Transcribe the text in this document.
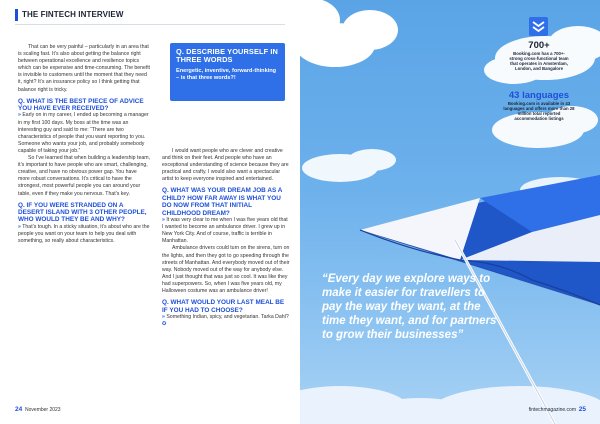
THE FINTECH INTERVIEW

That can be very painful – particularly in an area that is scaling fast. It’s also about getting the balance right between operational excellence and resilience topics which can be expensive and time-consuming. The benefit is invisible to customers until the moment that they need it, right? It’s an insurance policy so I think getting that balance right is tricky.

Q. WHAT IS THE BEST PIECE OF ADVICE YOU HAVE EVER RECEIVED?

» Early on in my career, I ended up becoming a manager in my first 100 days. My boss at the time was an interesting guy and said to me: “There are two characteristics of people that you want reporting to you. Someone who wants your job, and probably somebody capable of taking your job.”

So I’ve learned that when building a leadership team, it’s important to have people who are smart, challenging, creative, and have no obvious power gap. You have more robust conversations. It’s critical to have the strongest, most powerful people you can around your table, even if they make you nervous. That’s key.

Q. IF YOU WERE STRANDED ON A DESERT ISLAND WITH 3 OTHER PEOPLE, WHO WOULD THEY BE AND WHY?

» That’s tough. In a sticky situation, it’s about who are the people you want on your team to help you deal with something, so really about characteristics.

Q. DESCRIBE YOURSELF IN THREE WORDS
Energetic, inventive, forward-thinking – is that three words?!

I would want people who are clever and creative and think on their feet. And people who have an exceptional understanding of science because they are practical and crafty. I would also want a spectacular artist to keep everyone inspired and entertained.

Q. WHAT WAS YOUR DREAM JOB AS A CHILD? HOW FAR AWAY IS WHAT YOU DO NOW FROM THAT INITIAL CHILDHOOD DREAM?

» It was very clear to me when I was five years old that I wanted to become an ambulance driver. I grew up in New York City. And of course, traffic is terrible in Manhattan.

Ambulance drivers could turn on the sirens, turn on the lights, and then they got to go speeding through the streets of Manhattan. And everybody moved out of their way. Nobody moved out of the way for anybody else. And I just thought that was just so cool. It was like they had superpowers. So, when I was five years old, my Halloween costume was an ambulance driver!

Q. WHAT WOULD YOUR LAST MEAL BE IF YOU HAD TO CHOOSE?

» Something Indian, spicy, and vegetarian. Tarka Dahl? ✪

24 November 2023
700+
Booking.com has a 700+-strong cross-functional team that operates in Amsterdam, London, and Bangalore
43 languages
Booking.com is available in 43 languages and offers more than 28 million total reported accommodation listings
“Every day we explore ways to make it easier for travellers to pay the way they want, at the time they want, and for partners to grow their businesses”
fintechmagazine.com 25
